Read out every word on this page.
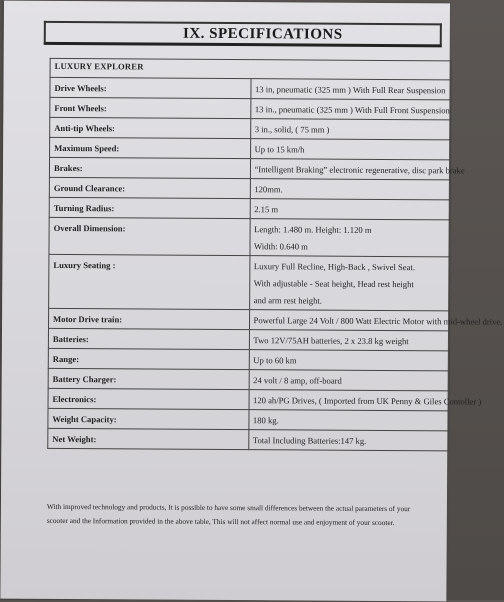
IX. SPECIFICATIONS
LUXURY EXPLORER	
Drive Wheels:	13 in, pneumatic (325 mm ) With Full Rear Suspension

Front Wheels:	13 in., pneumatic (325 mm ) With Full Front Suspension

Anti-tip Wheels:	3 in., solid, ( 75 mm )

Maximum Speed:	Up to 15 km/h

Brakes:	“Intelligent Braking” electronic regenerative, disc park brake

Ground Clearance:	120mm.

Turning Radius:	2.15 m

Overall Dimension:	Length: 1.480 m. Height: 1.120 m
Width: 0.640 m

Luxury Seating :	Luxury Full Recline, High-Back , Swivel Seat.
With adjustable - Seat height, Head rest height
and arm rest height.

Motor Drive train:	Powerful Large 24 Volt / 800 Watt Electric Motor with mid-wheel drive.

Batteries:	Two 12V/75AH batteries, 2 x 23.8 kg weight

Range:	Up to 60 km

Battery Charger:	24 volt / 8 amp, off-board

Electronics:	120 ah/PG Drives, ( Imported from UK Penny & Giles Contoller )

Weight Capacity:	180 kg.

Net Weight:	Total Including Batteries:147 kg.
With improved technology and products, It is possible to have some small differences between the actual parameters of your
scooter and the Information provided in the above table, This will not affect normal use and enjoyment of your scooter.
